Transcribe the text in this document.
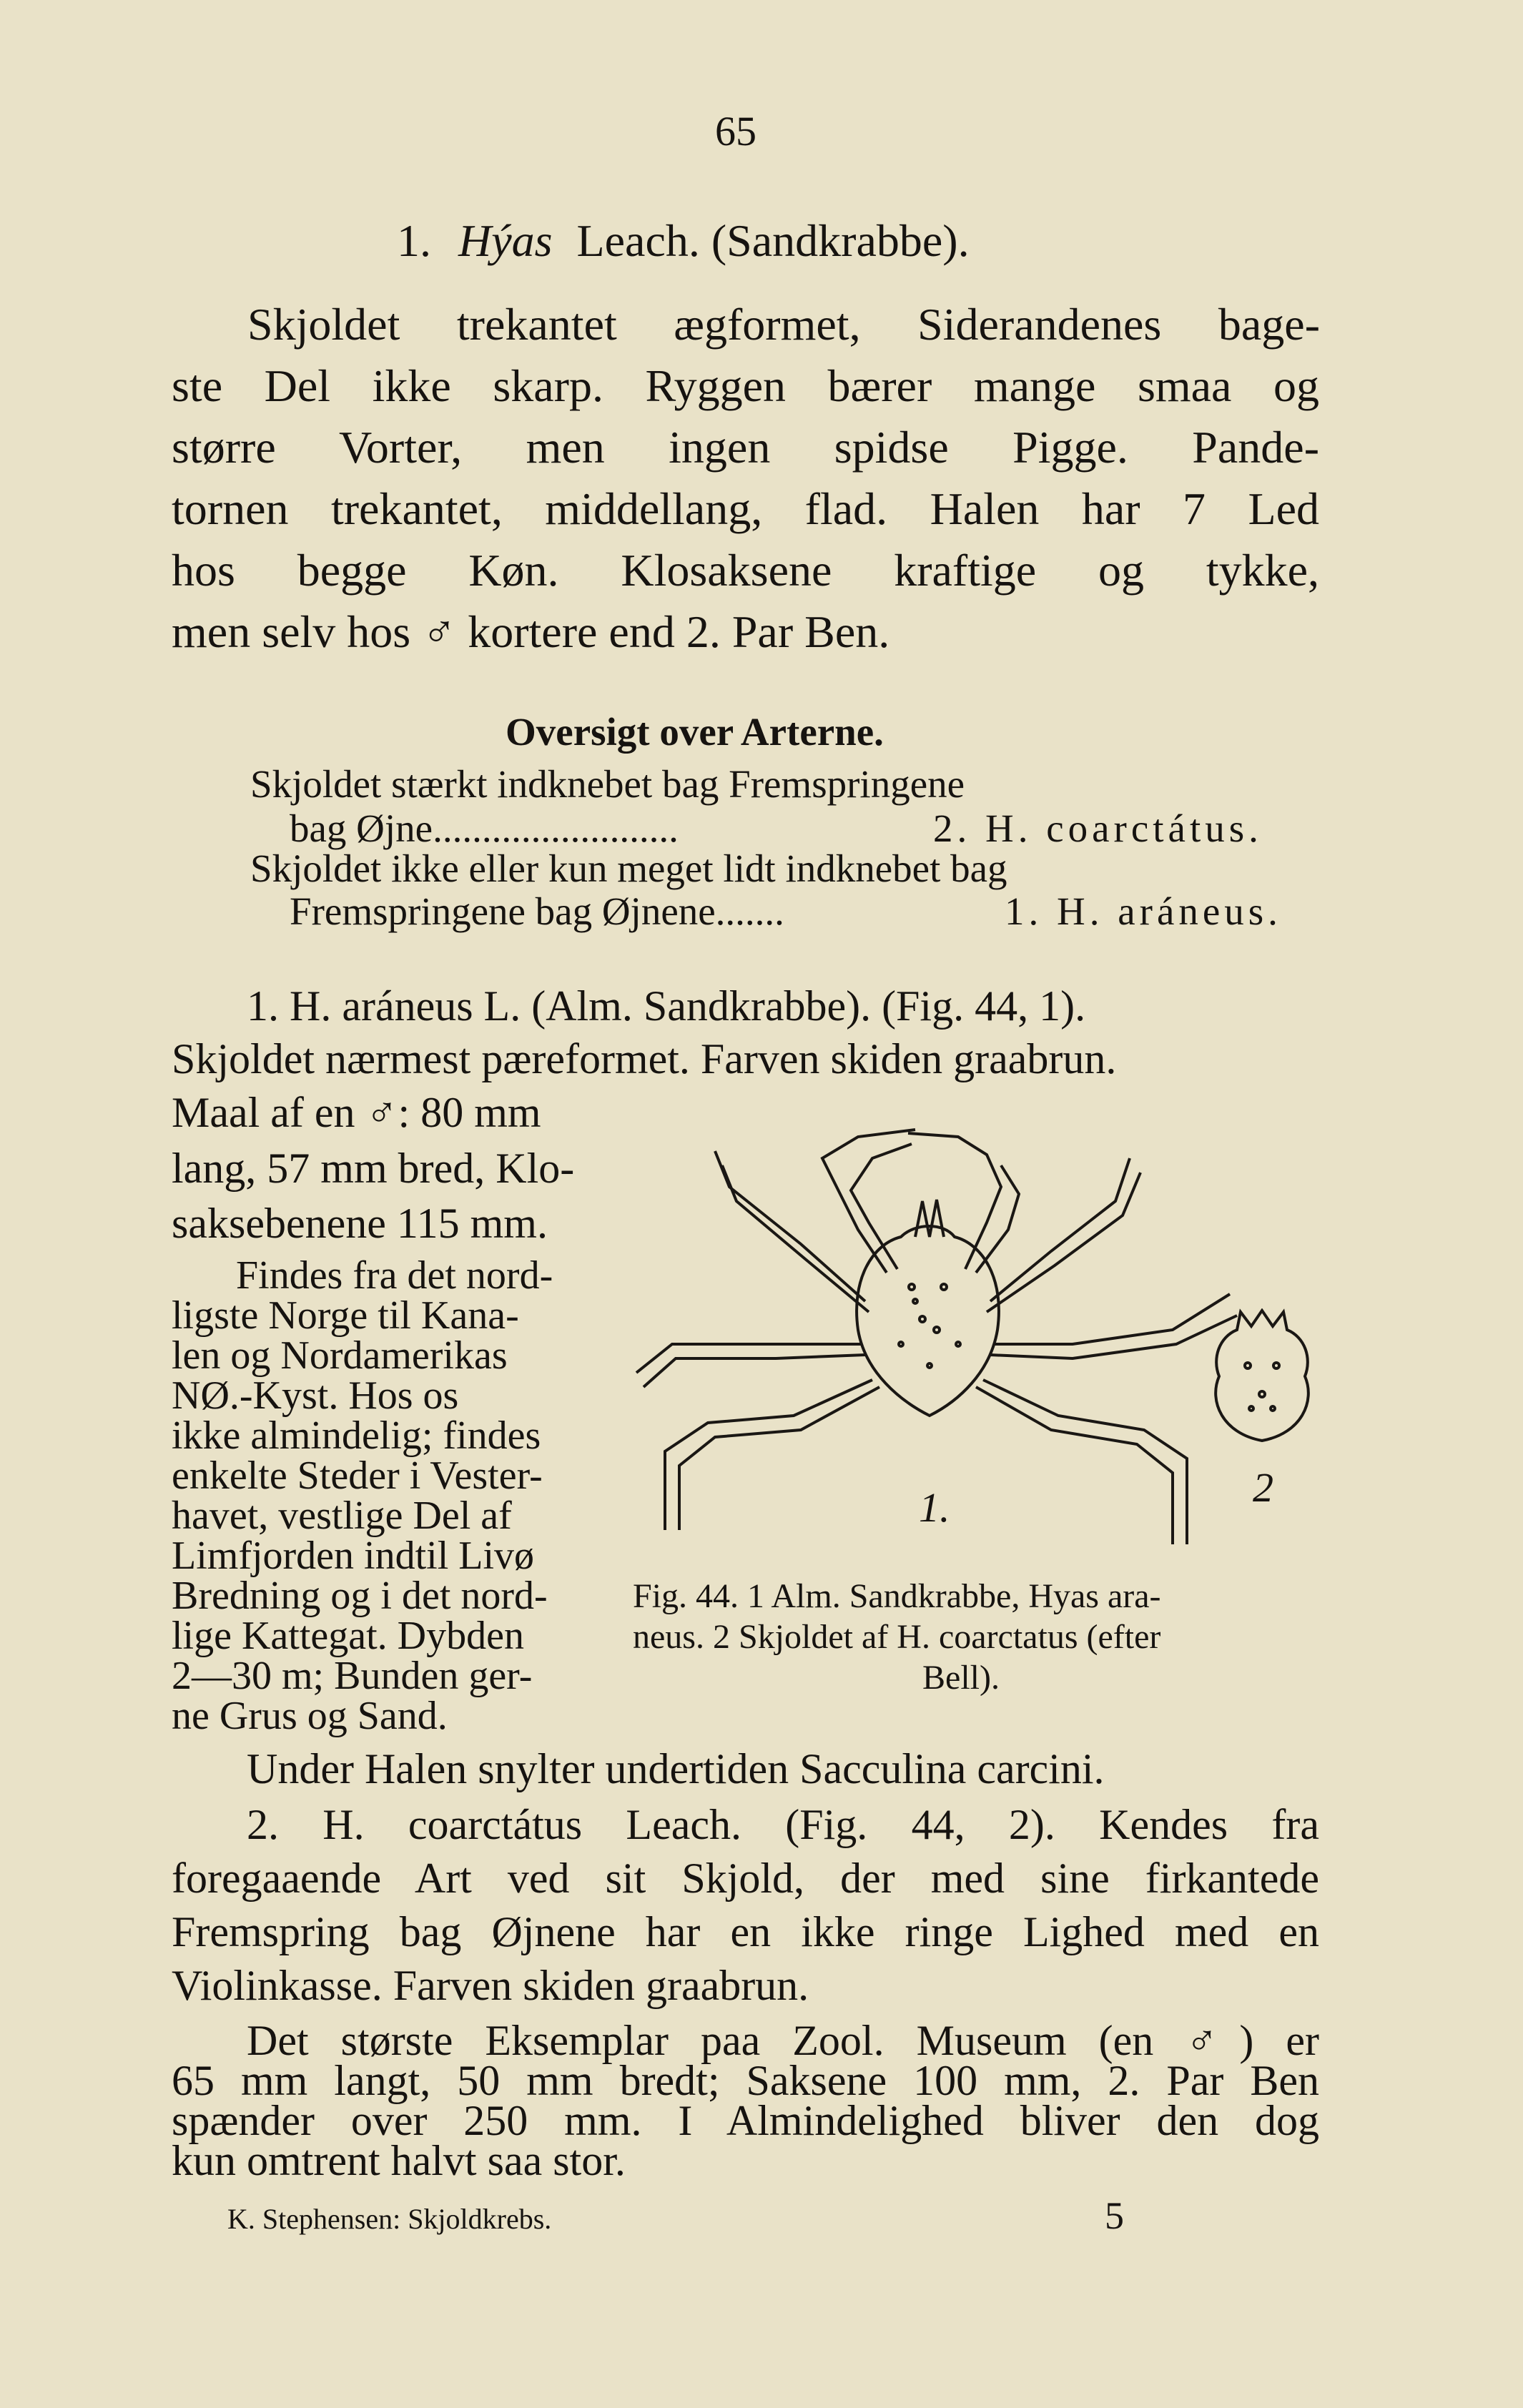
65
1. Hýas Leach. (Sandkrabbe).
Skjoldet trekantet ægformet, Siderandenes bage-
ste Del ikke skarp. Ryggen bærer mange smaa og
større Vorter, men ingen spidse Pigge. Pande-
tornen trekantet, middellang, flad. Halen har 7 Led
hos begge Køn. Klosaksene kraftige og tykke,
men selv hos ♂ kortere end 2. Par Ben.
Oversigt over Arterne.
Skjoldet stærkt indknebet bag Fremspringene
bag Øjne.........................	2. H. coarctátus.
Skjoldet ikke eller kun meget lidt indknebet bag
Fremspringene bag Øjnene.......	1. H. aráneus.
1. H. aráneus L. (Alm. Sandkrabbe). (Fig. 44, 1).
Skjoldet nærmest pæreformet. Farven skiden graabrun.
Maal af en ♂: 80 mm
lang, 57 mm bred, Klo-
saksebenene 115 mm.
Findes fra det nord-
ligste Norge til Kana-
len og Nordamerikas
NØ.-Kyst. Hos os
ikke almindelig; findes
enkelte Steder i Vester-
havet, vestlige Del af
Limfjorden indtil Livø
Bredning og i det nord-
lige Kattegat. Dybden
2—30 m; Bunden ger-
ne Grus og Sand.
1.	2
Fig. 44. 1 Alm. Sandkrabbe, Hyas ara-
neus. 2 Skjoldet af H. coarctatus (efter
Bell).
Under Halen snylter undertiden Sacculina carcini.
2. H. coarctátus Leach. (Fig. 44, 2). Kendes fra
foregaaende Art ved sit Skjold, der med sine firkantede
Fremspring bag Øjnene har en ikke ringe Lighed med en
Violinkasse. Farven skiden graabrun.
Det største Eksemplar paa Zool. Museum (en ♂) er
65 mm langt, 50 mm bredt; Saksene 100 mm, 2. Par Ben
spænder over 250 mm. I Almindelighed bliver den dog
kun omtrent halvt saa stor.
K. Stephensen: Skjoldkrebs.	5
